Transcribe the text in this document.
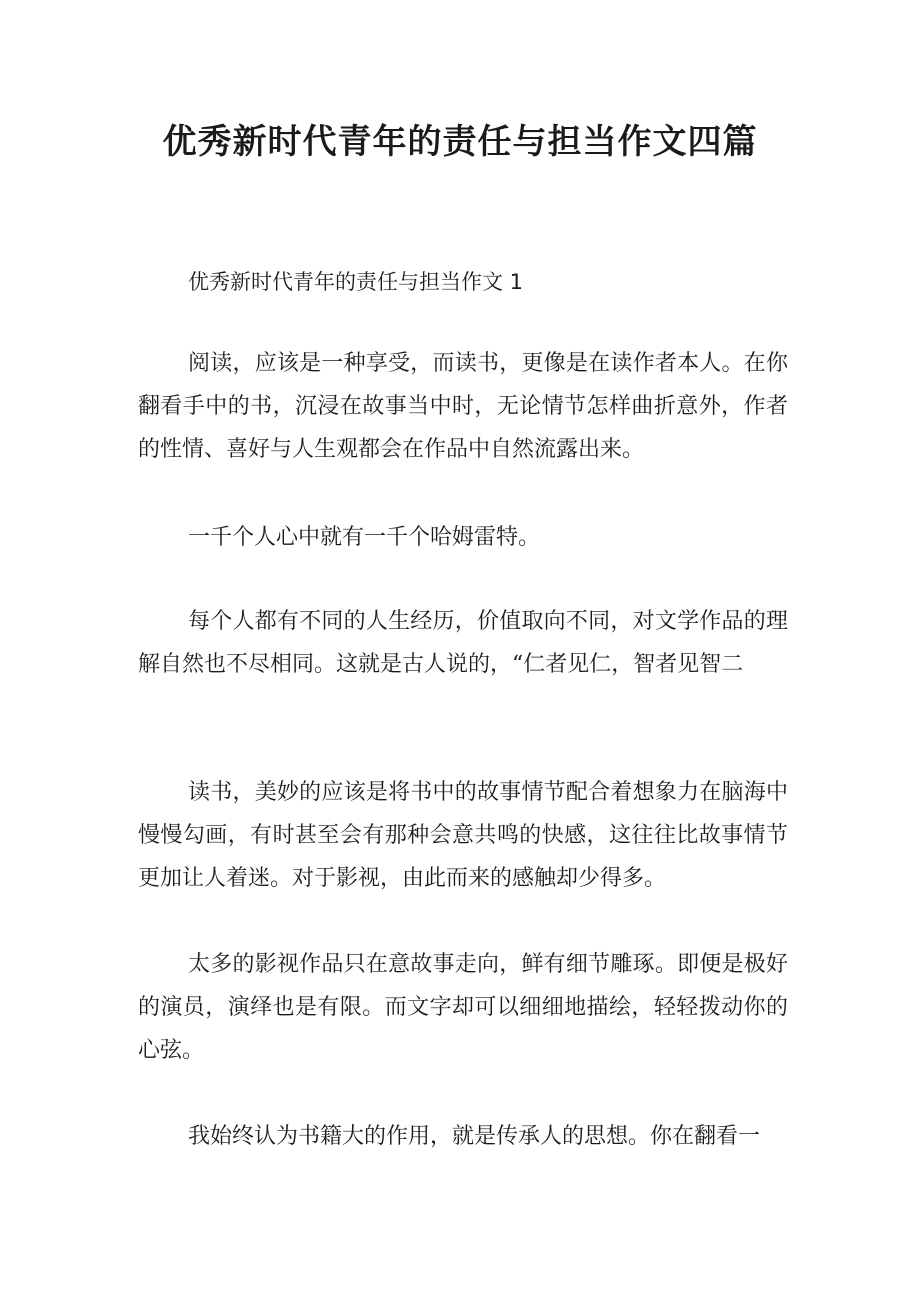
优秀新时代青年的责任与担当作文四篇

优秀新时代青年的责任与担当作文 1

阅读，应该是一种享受，而读书，更像是在读作者本人。在你翻看手中的书，沉浸在故事当中时，无论情节怎样曲折意外，作者的性情、喜好与人生观都会在作品中自然流露出来。

一千个人心中就有一千个哈姆雷特。

每个人都有不同的人生经历，价值取向不同，对文学作品的理解自然也不尽相同。这就是古人说的，“仁者见仁，智者见智二

读书，美妙的应该是将书中的故事情节配合着想象力在脑海中慢慢勾画，有时甚至会有那种会意共鸣的快感，这往往比故事情节更加让人着迷。对于影视，由此而来的感触却少得多。

太多的影视作品只在意故事走向，鲜有细节雕琢。即便是极好的演员，演绎也是有限。而文字却可以细细地描绘，轻轻拨动你的心弦。

我始终认为书籍大的作用，就是传承人的思想。你在翻看一
